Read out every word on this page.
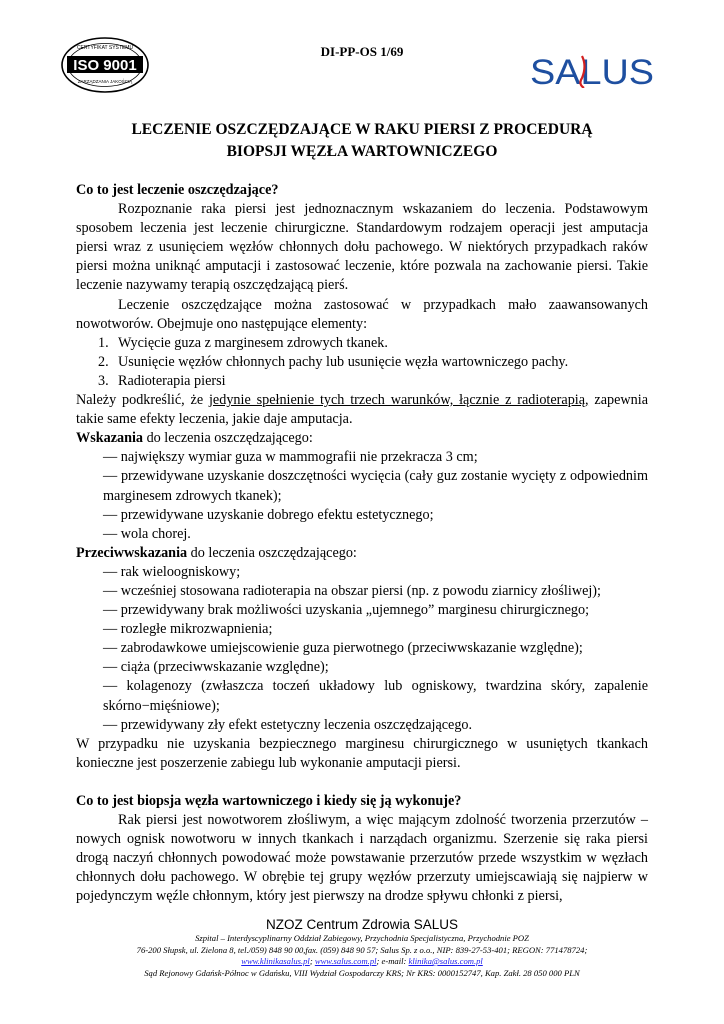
CERTYFIKAT SYSTEMU
ISO 9001
ZARZĄDZANIA JAKOŚCIĄ
DI-PP-OS 1/69
SALUS
LECZENIE OSZCZĘDZAJĄCE W RAKU PIERSI Z PROCEDURĄ
BIOPSJI WĘZŁA WARTOWNICZEGO

Co to jest leczenie oszczędzające?

Rozpoznanie raka piersi jest jednoznacznym wskazaniem do leczenia. Podstawowym sposobem leczenia jest leczenie chirurgiczne. Standardowym rodzajem operacji jest amputacja piersi wraz z usunięciem węzłów chłonnych dołu pachowego. W niektórych przypadkach raków piersi można uniknąć amputacji i zastosować leczenie, które pozwala na zachowanie piersi. Takie leczenie nazywamy terapią oszczędzającą pierś.

Leczenie oszczędzające można zastosować w przypadkach mało zaawansowanych nowotworów. Obejmuje ono następujące elementy:

1. Wycięcie guza z marginesem zdrowych tkanek.
2. Usunięcie węzłów chłonnych pachy lub usunięcie węzła wartowniczego pachy.
3. Radioterapia piersi

Należy podkreślić, że jedynie spełnienie tych trzech warunków, łącznie z radioterapią, zapewnia takie same efekty leczenia, jakie daje amputacja.

Wskazania do leczenia oszczędzającego:

— największy wymiar guza w mammografii nie przekracza 3 cm;

— przewidywane uzyskanie doszczętności wycięcia (cały guz zostanie wycięty z odpowiednim marginesem zdrowych tkanek);

— przewidywane uzyskanie dobrego efektu estetycznego;

— wola chorej.

Przeciwwskazania do leczenia oszczędzającego:

— rak wieloogniskowy;

— wcześniej stosowana radioterapia na obszar piersi (np. z powodu ziarnicy złośliwej);

— przewidywany brak możliwości uzyskania „ujemnego” marginesu chirurgicznego;

— rozległe mikrozwapnienia;

— zabrodawkowe umiejscowienie guza pierwotnego (przeciwwskazanie względne);

— ciąża (przeciwwskazanie względne);

— kolagenozy (zwłaszcza toczeń układowy lub ogniskowy, twardzina skóry, zapalenie skórno−mięśniowe);

— przewidywany zły efekt estetyczny leczenia oszczędzającego.

W przypadku nie uzyskania bezpiecznego marginesu chirurgicznego w usuniętych tkankach konieczne jest poszerzenie zabiegu lub wykonanie amputacji piersi.

Co to jest biopsja węzła wartowniczego i kiedy się ją wykonuje?

Rak piersi jest nowotworem złośliwym, a więc mającym zdolność tworzenia przerzutów – nowych ognisk nowotworu w innych tkankach i narządach organizmu. Szerzenie się raka piersi drogą naczyń chłonnych powodować może powstawanie przerzutów przede wszystkim w węzłach chłonnych dołu pachowego. W obrębie tej grupy węzłów przerzuty umiejscawiają się najpierw w pojedynczym węźle chłonnym, który jest pierwszy na drodze spływu chłonki z piersi,

NZOZ Centrum Zdrowia SALUS
Szpital – Interdyscyplinarny Oddział Zabiegowy, Przychodnia Specjalistyczna, Przychodnie POZ
76-200 Słupsk, ul. Zielona 8, tel./059) 848 90 00,fax. (059) 848 90 57; Salus Sp. z o.o., NIP: 839-27-53-401; REGON: 771478724;
www.klinikasalus.pl; www.salus.com.pl; e-mail: klinika@salus.com.pl
Sąd Rejonowy Gdańsk-Północ w Gdańsku, VIII Wydział Gospodarczy KRS; Nr KRS: 0000152747, Kap. Zakł. 28 050 000 PLN
